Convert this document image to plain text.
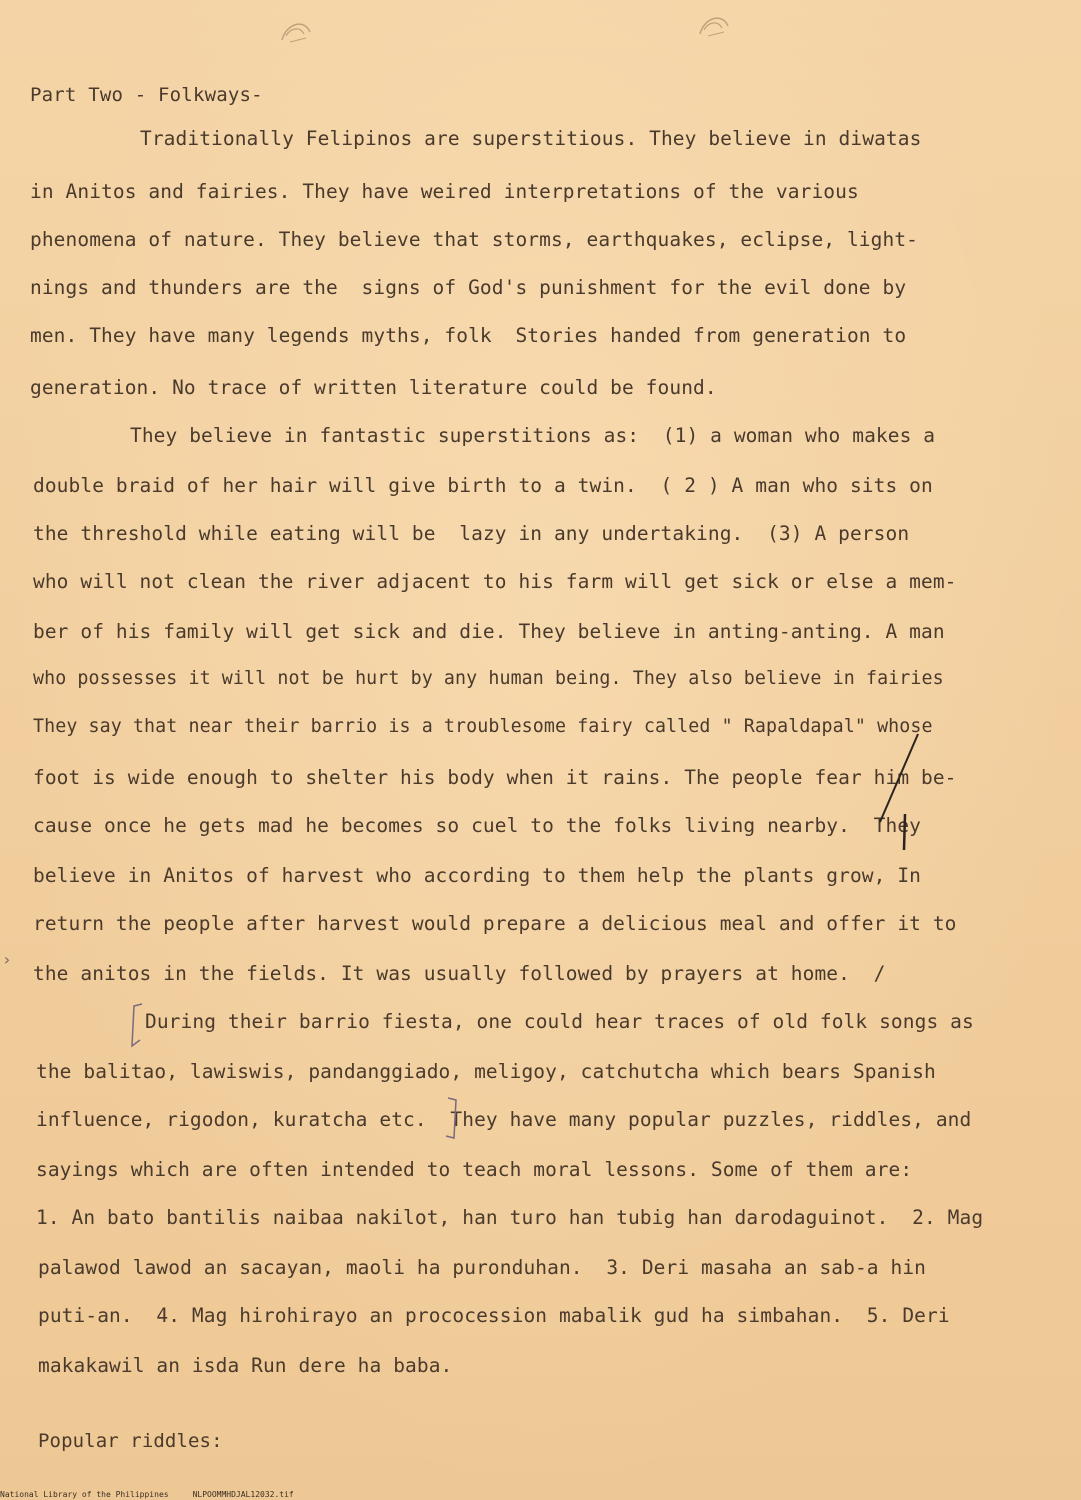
Part Two - Folkways-
Traditionally Felipinos are superstitious. They believe in diwatas
in Anitos and fairies. They have weired interpretations of the various
phenomena of nature. They believe that storms, earthquakes, eclipse, light-
nings and thunders are the  signs of God's punishment for the evil done by
men. They have many legends myths, folk  Stories handed from generation to
generation. No trace of written literature could be found.
They believe in fantastic superstitions as:  (1) a woman who makes a
double braid of her hair will give birth to a twin.  ( 2 ) A man who sits on
the threshold while eating will be  lazy in any undertaking.  (3) A person
who will not clean the river adjacent to his farm will get sick or else a mem-
ber of his family will get sick and die. They believe in anting-anting. A man
who possesses it will not be hurt by any human being. They also believe in fairies
They say that near their barrio is a troublesome fairy called " Rapaldapal" whose
foot is wide enough to shelter his body when it rains. The people fear him be-
cause once he gets mad he becomes so cuel to the folks living nearby.  They
believe in Anitos of harvest who according to them help the plants grow, In
return the people after harvest would prepare a delicious meal and offer it to
the anitos in the fields. It was usually followed by prayers at home.  /
During their barrio fiesta, one could hear traces of old folk songs as
the balitao, lawiswis, pandanggiado, meligoy, catchutcha which bears Spanish
influence, rigodon, kuratcha etc.  They have many popular puzzles, riddles, and
sayings which are often intended to teach moral lessons. Some of them are:
1. An bato bantilis naibaa nakilot, han turo han tubig han darodaguinot.  2. Mag
palawod lawod an sacayan, maoli ha puronduhan.  3. Deri masaha an sab-a hin
puti-an.  4. Mag hirohirayo an prococession mabalik gud ha simbahan.  5. Deri
makakawil an isda Run dere ha baba.
Popular riddles:
›
National Library of the Philippines	NLPOOMMHDJAL12032.tif
